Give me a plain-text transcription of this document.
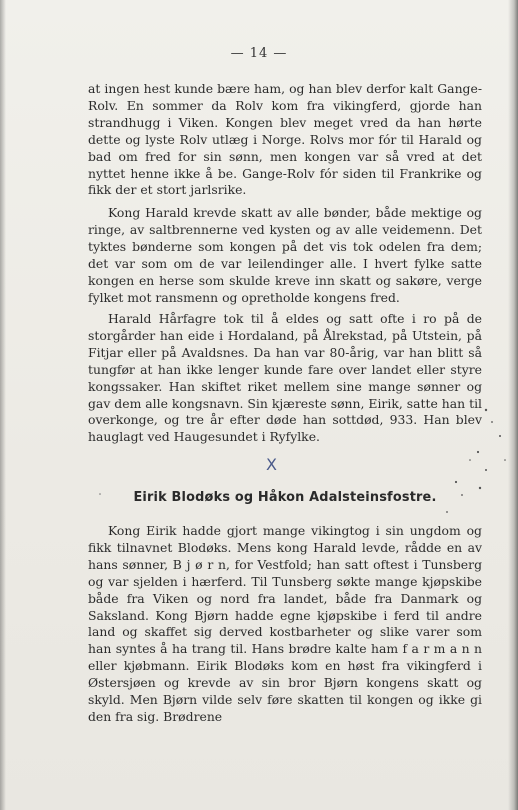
— 14 —

at ingen hest kunde bære ham, og han blev derfor kalt Gange-Rolv. En sommer da Rolv kom fra vikingferd, gjorde han strandhugg i Viken. Kongen blev meget vred da han hørte dette og lyste Rolv utlæg i Norge. Rolvs mor fór til Harald og bad om fred for sin sønn, men kongen var så vred at det nyttet henne ikke å be. Gange-Rolv fór siden til Frankrike og fikk der et stort jarlsrike.

Kong Harald krevde skatt av alle bønder, både mektige og ringe, av saltbrennerne ved kysten og av alle veidemenn. Det tyktes bønderne som kongen på det vis tok odelen fra dem; det var som om de var leilendinger alle. I hvert fylke satte kongen en herse som skulde kreve inn skatt og sakøre, verge fylket mot ransmenn og opretholde kongens fred.

Harald Hårfagre tok til å eldes og satt ofte i ro på de storgårder han eide i Hordaland, på Ålrekstad, på Utstein, på Fitjar eller på Avaldsnes. Da han var 80-årig, var han blitt så tungfør at han ikke lenger kunde fare over landet eller styre kongssaker. Han skiftet riket mellem sine mange sønner og gav dem alle kongsnavn. Sin kjæreste sønn, Eirik, satte han til overkonge, og tre år efter døde han sottdød, 933. Han blev hauglagt ved Haugesundet i Ryfylke.

X
Eirik Blodøks og Håkon Adalsteinsfostre.

Kong Eirik hadde gjort mange vikingtog i sin ungdom og fikk tilnavnet Blodøks. Mens kong Harald levde, rådde en av hans sønner, B j ø r n, for Vestfold; han satt oftest i Tunsberg og var sjelden i hærferd. Til Tunsberg søkte mange kjøpskibe både fra Viken og nord fra landet, både fra Danmark og Saksland. Kong Bjørn hadde egne kjøpskibe i ferd til andre land og skaffet sig derved kostbarheter og slike varer som han syntes å ha trang til. Hans brødre kalte ham f a r m a n n eller kjøbmann. Eirik Blodøks kom en høst fra vikingferd i Østersjøen og krevde av sin bror Bjørn kongens skatt og skyld. Men Bjørn vilde selv føre skatten til kongen og ikke gi den fra sig. Brødrene
